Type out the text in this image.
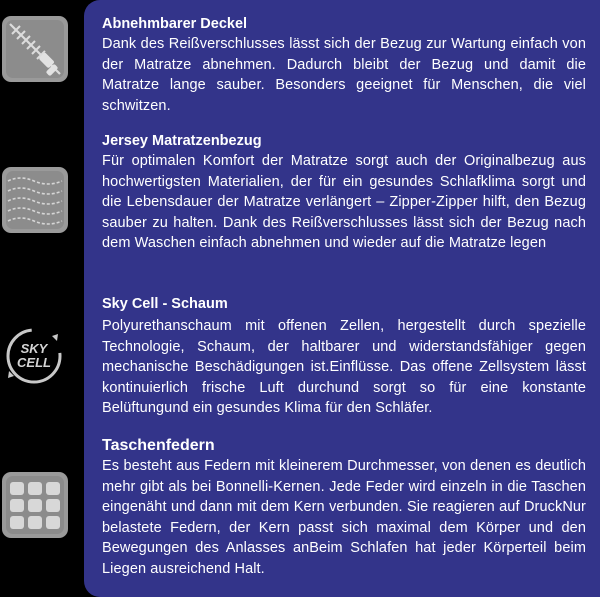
SKY
CELL

Abnehmbarer Deckel

Dank des Reißverschlusses lässt sich der Bezug zur Wartung einfach von der Matratze abnehmen. Dadurch bleibt der Bezug und damit die Matratze lange sauber. Besonders geeignet für Menschen, die viel schwitzen.

Jersey Matratzenbezug

Für optimalen Komfort der Matratze sorgt auch der Originalbezug aus hochwertigsten Materialien, der für ein gesundes Schlafklima sorgt und die Lebensdauer der Matratze verlängert – Zipper-Zipper hilft, den Bezug sauber zu halten. Dank des Reißverschlusses lässt sich der Bezug nach dem Waschen einfach abnehmen und wieder auf die Matratze legen

Sky Cell - Schaum

Polyurethanschaum mit offenen Zellen, hergestellt durch spezielle Technologie, Schaum, der haltbarer und widerstandsfähiger gegen mechanische Beschädigungen ist.Einflüsse. Das offene Zellsystem lässt kontinuierlich frische Luft durchund sorgt so für eine konstante Belüftungund ein gesundes Klima für den Schläfer.

Taschenfedern

Es besteht aus Federn mit kleinerem Durchmesser, von denen es deutlich mehr gibt als bei Bonnelli-Kernen. Jede Feder wird einzeln in die Taschen eingenäht und dann mit dem Kern verbunden. Sie reagieren auf DruckNur belastete Federn, der Kern passt sich maximal dem Körper und den Bewegungen des Anlasses anBeim Schlafen hat jeder Körperteil beim Liegen ausreichend Halt.
